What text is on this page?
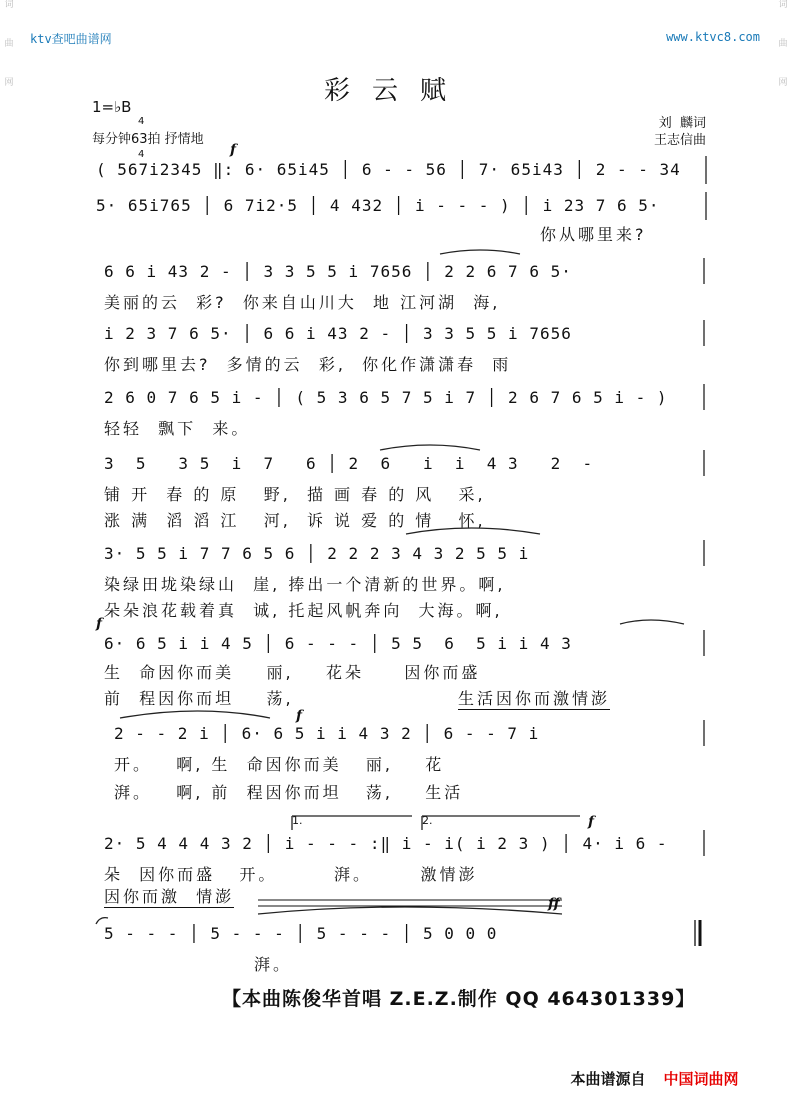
词
曲
网
词
曲
网
ktv查吧曲谱网	www.ktvc8.com
彩云赋
1=♭B

4

4

每分钟63拍 抒情地
刘  麟词
王志信曲
f
f
f
f
ff
( 567i2345 ‖: 6· 65i45 │ 6 - - 56 │ 7· 65i43 │ 2 - - 34
5· 65i765 │ 6 7i2·5 │ 4 432 │ i - - - ) │ i 23 7 6 5·
你从哪里来?
6 6 i 43 2 - │ 3 3 5 5 i 7656 │ 2 2 6 7 6 5·
美丽的云  彩?  你来自山川大  地 江河湖  海,
i 2 3 7 6 5· │ 6 6 i 43 2 - │ 3 3 5 5 i 7656
你到哪里去?  多情的云  彩,  你化作潇潇春  雨
2 6 0 7 6 5 i - │ ( 5 3 6 5 7 5 i 7 │ 2 6 7 6 5 i - )
轻轻  飘下  来。
3  5   3 5  i  7   6 │ 2  6   i  i  4 3   2  -
铺 开  春 的 原   野,  描 画 春 的 风   采,
涨 满  滔 滔 江   河,  诉 说 爱 的 情   怀,
3· 5 5 i 7 7 6 5 6 │ 2 2 2 3 4 3 2 5 5 i
染绿田垅染绿山  崖, 捧出一个清新的世界。啊,
朵朵浪花载着真  诚, 托起风帆奔向  大海。啊,
6· 6 5 i i 4 5 │ 6 - - - │ 5 5  6  5 i i 4 3
生  命因你而美    丽,    花朵     因你而盛
前  程因你而坦    荡,	生活因你而激情澎
2 - - 2 i │ 6· 6 5 i i 4 3 2 │ 6 - - 7 i
开。   啊, 生  命因你而美   丽,    花
湃。   啊, 前  程因你而坦   荡,    生活
1.	2.
2· 5 4 4 4 3 2 │ i - - - :‖ i - i( i 2 3 ) │ 4· i 6 -
朵  因你而盛   开。       湃。      激情澎
因你而激  情澎
5 - - - │ 5 - - - │ 5 - - - │ 5 0 0 0
湃。
【本曲陈俊华首唱 Z.E.Z.制作 QQ 464301339】

本曲谱源自 中国词曲网
